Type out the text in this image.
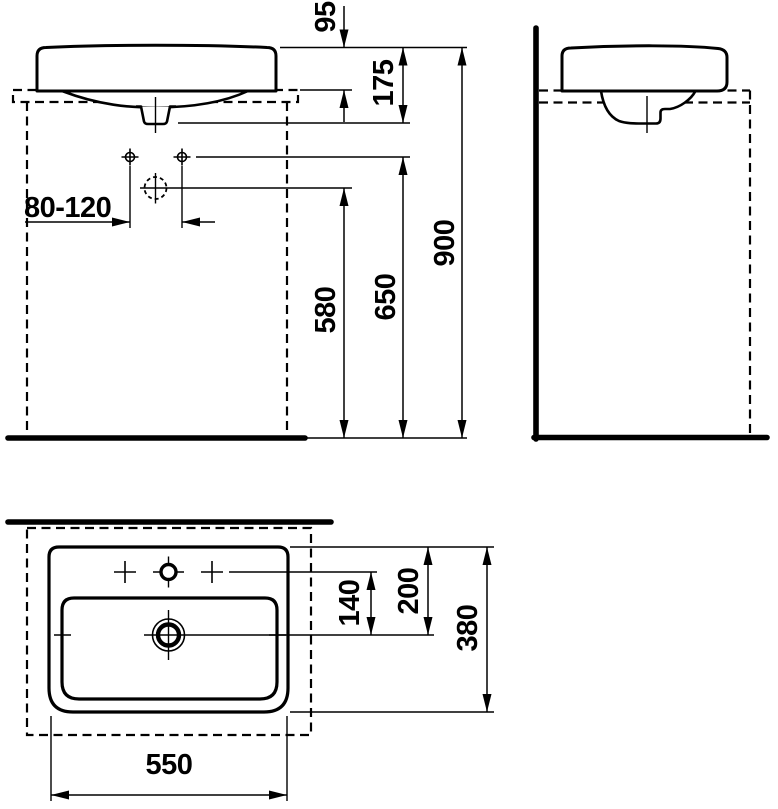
80-120
95
175
580 650
900
140 200
380
550
